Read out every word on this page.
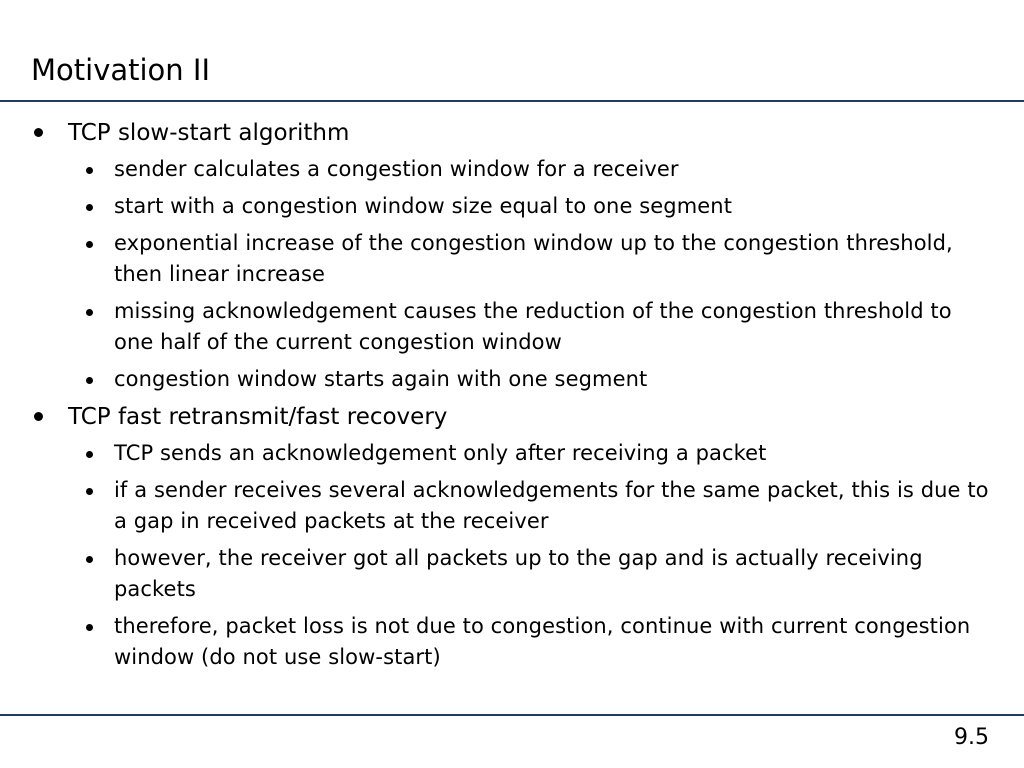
Motivation II
TCP slow-start algorithm
sender calculates a congestion window for a receiver
start with a congestion window size equal to one segment
exponential increase of the congestion window up to the congestion threshold, then linear increase
missing acknowledgement causes the reduction of the congestion threshold to one half of the current congestion window
congestion window starts again with one segment
TCP fast retransmit/fast recovery
TCP sends an acknowledgement only after receiving a packet
if a sender receives several acknowledgements for the same packet, this is due to a gap in received packets at the receiver
however, the receiver got all packets up to the gap and is actually receiving packets
therefore, packet loss is not due to congestion, continue with current congestion window (do not use slow-start)
9.5
